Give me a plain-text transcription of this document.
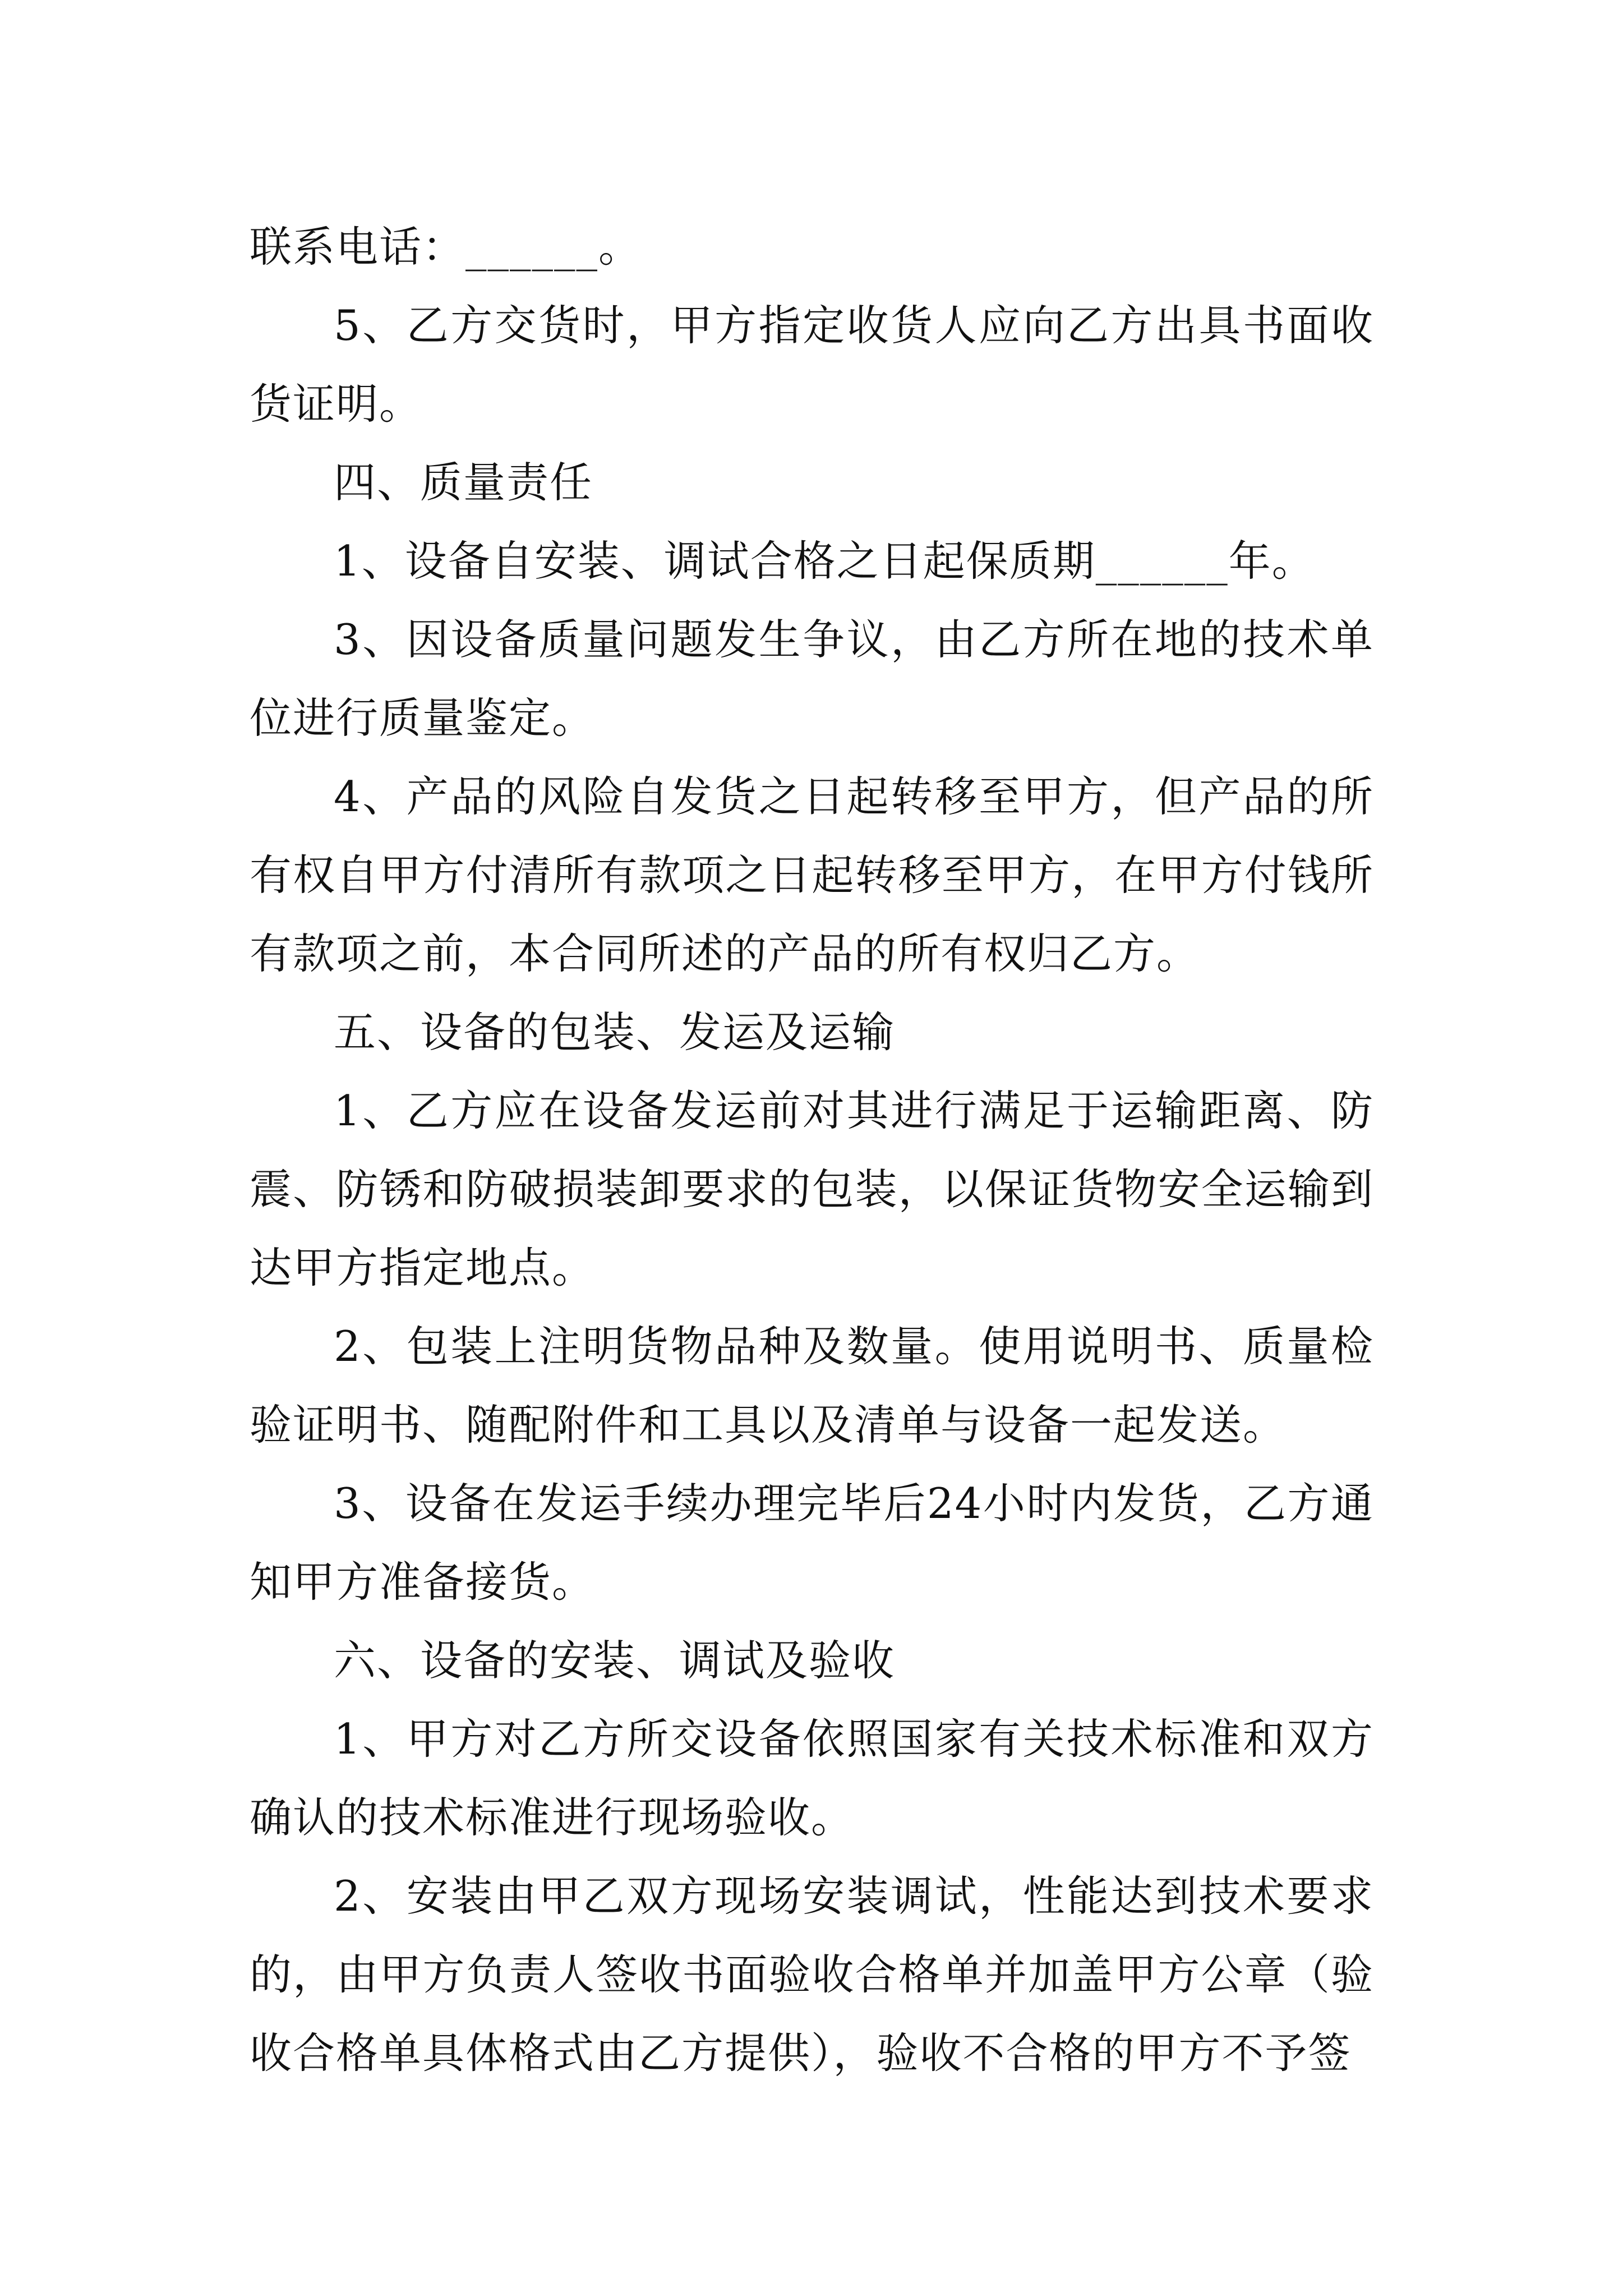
联系电话：______。

5、乙方交货时，甲方指定收货人应向乙方出具书面收货证明。

四、质量责任

1、设备自安装、调试合格之日起保质期______年。

3、因设备质量问题发生争议，由乙方所在地的技术单位进行质量鉴定。

4、产品的风险自发货之日起转移至甲方，但产品的所有权自甲方付清所有款项之日起转移至甲方，在甲方付钱所有款项之前，本合同所述的产品的所有权归乙方。

五、设备的包装、发运及运输

1、乙方应在设备发运前对其进行满足于运输距离、防震、防锈和防破损装卸要求的包装，以保证货物安全运输到达甲方指定地点。

2、包装上注明货物品种及数量。使用说明书、质量检验证明书、随配附件和工具以及清单与设备一起发送。

3、设备在发运手续办理完毕后24小时内发货，乙方通知甲方准备接货。

六、设备的安装、调试及验收

1、甲方对乙方所交设备依照国家有关技术标准和双方确认的技术标准进行现场验收。

2、安装由甲乙双方现场安装调试，性能达到技术要求的，由甲方负责人签收书面验收合格单并加盖甲方公章（验收合格单具体格式由乙方提供），验收不合格的甲方不予签
